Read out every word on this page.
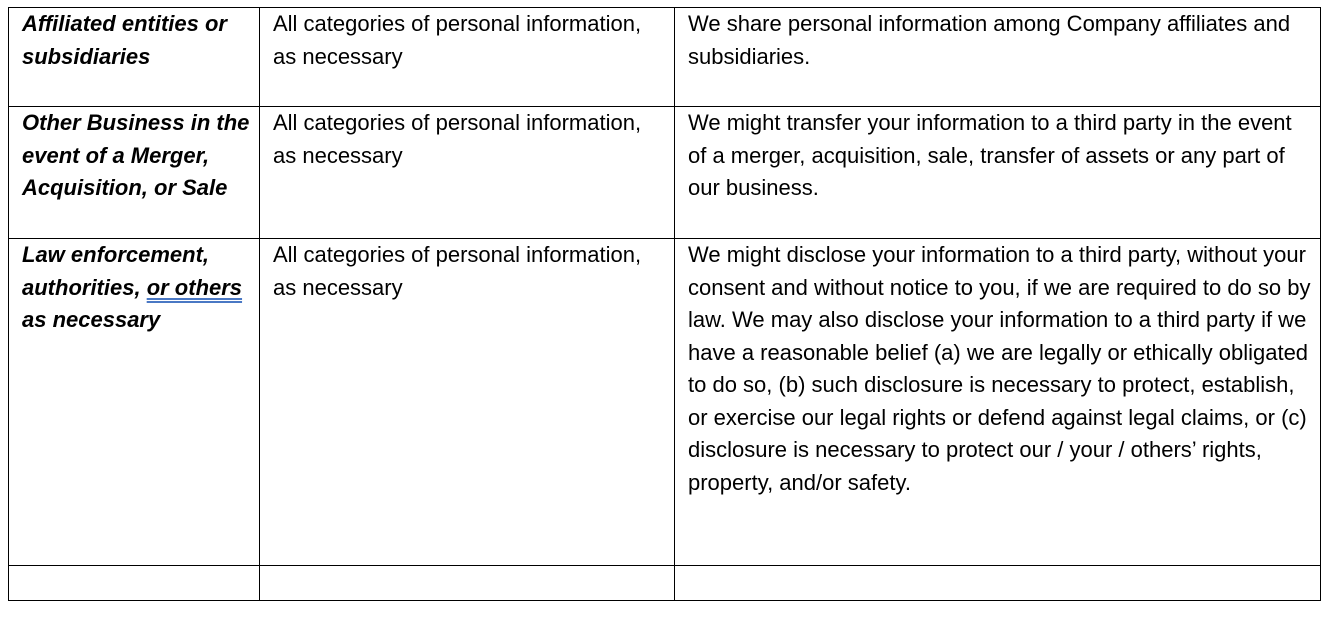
Affiliated entities or subsidiaries	All categories of personal information, as necessary	We share personal information among Company affiliates and subsidiaries.

Other Business in the event of a Merger, Acquisition, or Sale	All categories of personal information, as necessary	We might transfer your information to a third party in the event of a merger, acquisition, sale, transfer of assets or any part of our business.

Law enforcement, authorities, or others as necessary	All categories of personal information, as necessary	We might disclose your information to a third party, without your consent and without notice to you, if we are required to do so by law. We may also disclose your information to a third party if we have a reasonable belief (a) we are legally or ethically obligated to do so, (b) such disclosure is necessary to protect, establish, or exercise our legal rights or defend against legal claims, or (c) disclosure is necessary to protect our / your / others’ rights, property, and/or safety.
